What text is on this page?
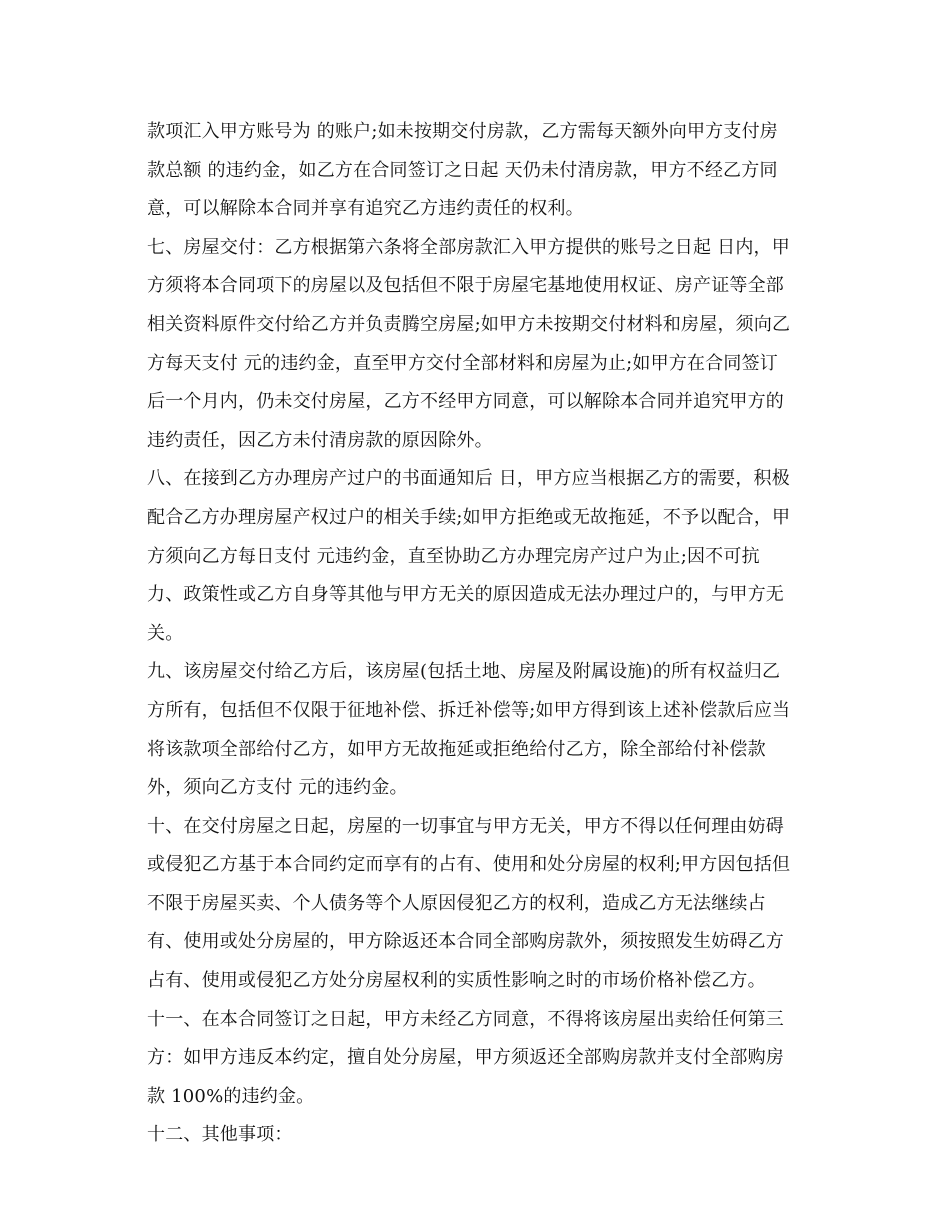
款项汇入甲方账号为 的账户;如未按期交付房款，乙方需每天额外向甲方支付房
款总额 的违约金，如乙方在合同签订之日起 天仍未付清房款，甲方不经乙方同
意，可以解除本合同并享有追究乙方违约责任的权利。
七、房屋交付：乙方根据第六条将全部房款汇入甲方提供的账号之日起 日内，甲
方须将本合同项下的房屋以及包括但不限于房屋宅基地使用权证、房产证等全部
相关资料原件交付给乙方并负责腾空房屋;如甲方未按期交付材料和房屋，须向乙
方每天支付 元的违约金，直至甲方交付全部材料和房屋为止;如甲方在合同签订
后一个月内，仍未交付房屋，乙方不经甲方同意，可以解除本合同并追究甲方的
违约责任，因乙方未付清房款的原因除外。
八、在接到乙方办理房产过户的书面通知后 日，甲方应当根据乙方的需要，积极
配合乙方办理房屋产权过户的相关手续;如甲方拒绝或无故拖延，不予以配合，甲
方须向乙方每日支付 元违约金，直至协助乙方办理完房产过户为止;因不可抗
力、政策性或乙方自身等其他与甲方无关的原因造成无法办理过户的，与甲方无
关。
九、该房屋交付给乙方后，该房屋(包括土地、房屋及附属设施)的所有权益归乙
方所有，包括但不仅限于征地补偿、拆迁补偿等;如甲方得到该上述补偿款后应当
将该款项全部给付乙方，如甲方无故拖延或拒绝给付乙方，除全部给付补偿款
外，须向乙方支付 元的违约金。
十、在交付房屋之日起，房屋的一切事宜与甲方无关，甲方不得以任何理由妨碍
或侵犯乙方基于本合同约定而享有的占有、使用和处分房屋的权利;甲方因包括但
不限于房屋买卖、个人债务等个人原因侵犯乙方的权利，造成乙方无法继续占
有、使用或处分房屋的，甲方除返还本合同全部购房款外，须按照发生妨碍乙方
占有、使用或侵犯乙方处分房屋权利的实质性影响之时的市场价格补偿乙方。
十一、在本合同签订之日起，甲方未经乙方同意，不得将该房屋出卖给任何第三
方：如甲方违反本约定，擅自处分房屋，甲方须返还全部购房款并支付全部购房
款 100%的违约金。
十二、其他事项：
